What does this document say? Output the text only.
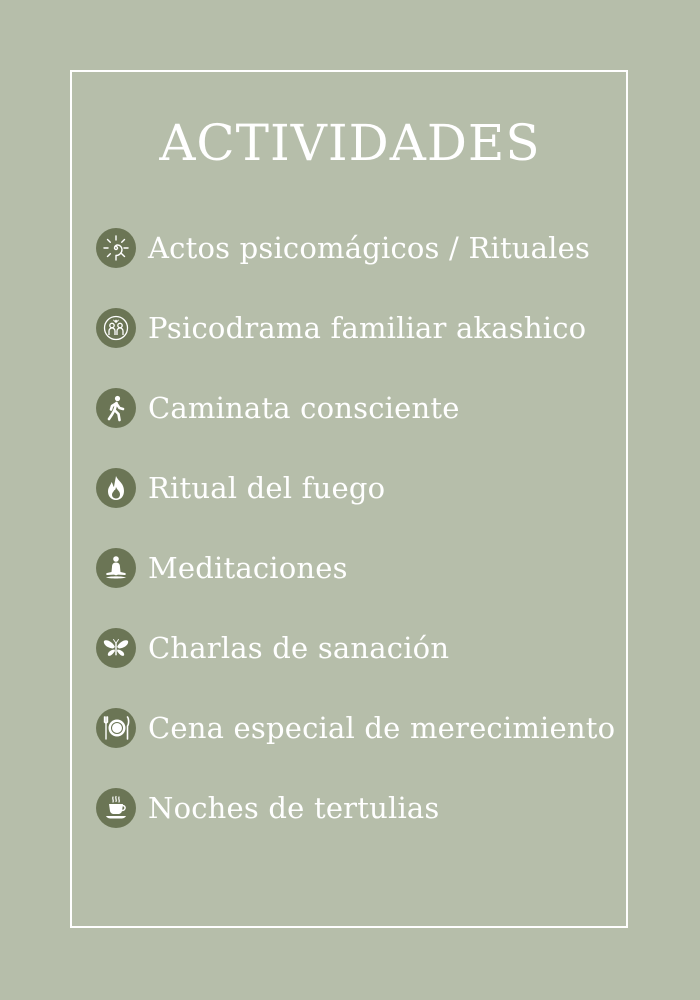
ACTIVIDADES
Actos psicomágicos / Rituales
Psicodrama familiar akashico
Caminata consciente
Ritual del fuego
Meditaciones
Charlas de sanación
Cena especial de merecimiento
Noches de tertulias
